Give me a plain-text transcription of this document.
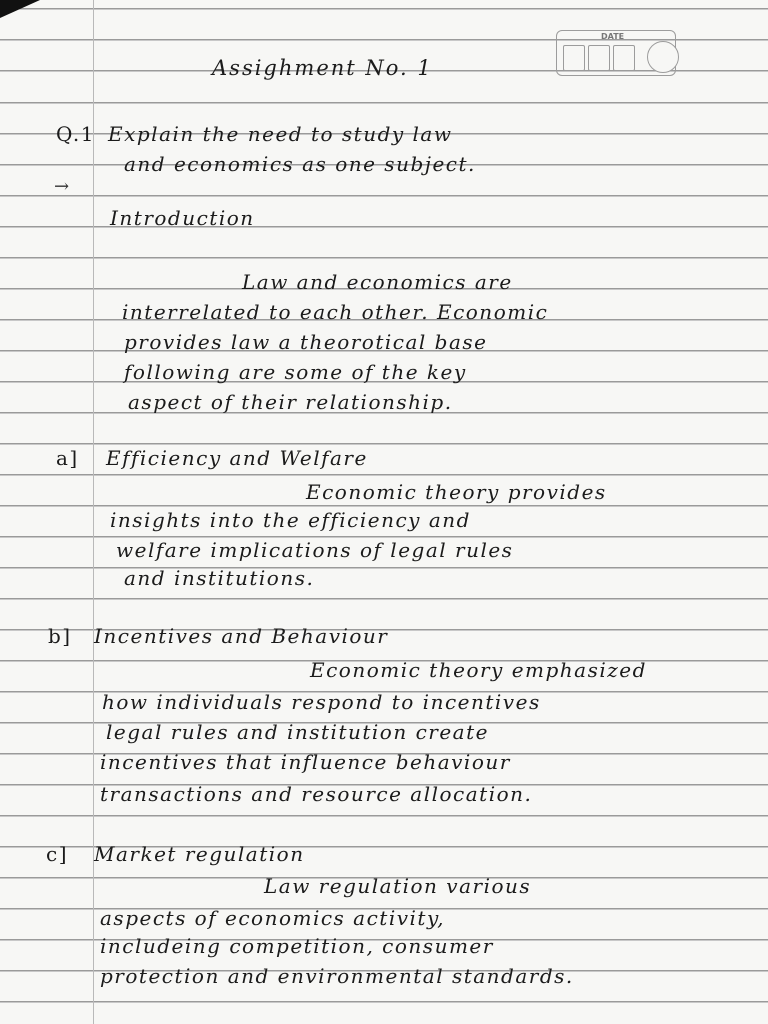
DATE

Assighment No. 1

Q.1 Explain the need to study law

and economics as one subject.

→

Introduction

Law and economics are

interrelated to each other. Economic

provides law a theorotical base

following are some of the key

aspect of their relationship.

a] Efficiency and Welfare

Economic theory provides

insights into the efficiency and

welfare implications of legal rules

and institutions.

b] Incentives and Behaviour

Economic theory emphasized

how individuals respond to incentives

legal rules and institution create

incentives that influence behaviour

transactions and resource allocation.

c] Market regulation

Law regulation various

aspects of economics activity,

includeing competition, consumer

protection and environmental standards.
